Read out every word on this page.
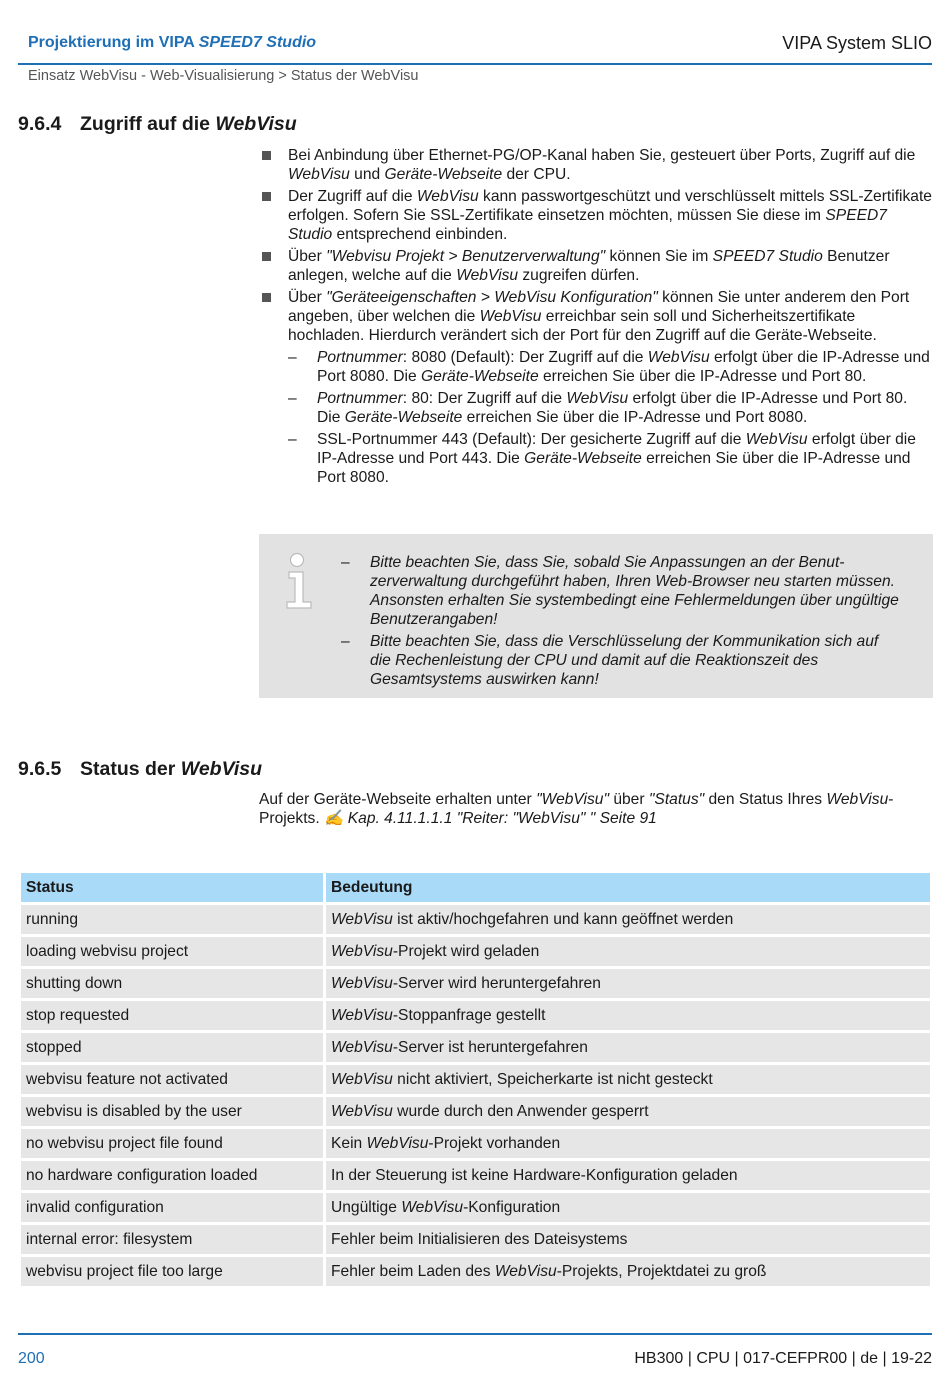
Projektierung im VIPA SPEED7 Studio	VIPA System SLIO
Einsatz WebVisu - Web-Visualisierung > Status der WebVisu
9.6.4 Zugriff auf die WebVisu
Bei Anbindung über Ethernet-PG/OP-Kanal haben Sie, gesteuert über Ports, Zugriff auf die WebVisu und Geräte-Webseite der CPU.
Der Zugriff auf die WebVisu kann passwortgeschützt und verschlüsselt mittels SSL-Zertifikate erfolgen. Sofern Sie SSL-Zertifikate einsetzen möchten, müssen Sie diese im SPEED7 Studio entsprechend einbinden.
Über "Webvisu Projekt > Benutzerverwaltung" können Sie im SPEED7 Studio Benutzer anlegen, welche auf die WebVisu zugreifen dürfen.
Über "Geräteeigenschaften > WebVisu Konfiguration" können Sie unter anderem den Port angeben, über welchen die WebVisu erreichbar sein soll und Sicherheitszertifikate hochladen. Hierdurch verändert sich der Port für den Zugriff auf die Geräte-Webseite.
– Portnummer: 8080 (Default): Der Zugriff auf die WebVisu erfolgt über die IP-Adresse und Port 8080. Die Geräte-Webseite erreichen Sie über die IP-Adresse und Port 80.
– Portnummer: 80: Der Zugriff auf die WebVisu erfolgt über die IP-Adresse und Port 80. Die Geräte-Webseite erreichen Sie über die IP-Adresse und Port 8080.
– SSL-Portnummer 443 (Default): Der gesicherte Zugriff auf die WebVisu erfolgt über die IP-Adresse und Port 443. Die Geräte-Webseite erreichen Sie über die IP-Adresse und Port 8080.
– Bitte beachten Sie, dass Sie, sobald Sie Anpassungen an der Benutzerverwaltung durchgeführt haben, Ihren Web-Browser neu starten müssen. Ansonsten erhalten Sie systembedingt eine Fehlermeldungen über ungültige Benutzerangaben!
– Bitte beachten Sie, dass die Verschlüsselung der Kommunikation sich auf die Rechenleistung der CPU und damit auf die Reaktionszeit des Gesamtsystems auswirken kann!
9.6.5 Status der WebVisu
Auf der Geräte-Webseite erhalten unter "WebVisu" über "Status" den Status Ihres WebVisu-Projekts. ✍ Kap. 4.11.1.1.1 "Reiter: "WebVisu" " Seite 91
Status	Bedeutung
running	WebVisu ist aktiv/hochgefahren und kann geöffnet werden
loading webvisu project	WebVisu-Projekt wird geladen
shutting down	WebVisu-Server wird heruntergefahren
stop requested	WebVisu-Stoppanfrage gestellt
stopped	WebVisu-Server ist heruntergefahren
webvisu feature not activated	WebVisu nicht aktiviert, Speicherkarte ist nicht gesteckt
webvisu is disabled by the user	WebVisu wurde durch den Anwender gesperrt
no webvisu project file found	Kein WebVisu-Projekt vorhanden
no hardware configuration loaded	In der Steuerung ist keine Hardware-Konfiguration geladen
invalid configuration	Ungültige WebVisu-Konfiguration
internal error: filesystem	Fehler beim Initialisieren des Dateisystems
webvisu project file too large	Fehler beim Laden des WebVisu-Projekts, Projektdatei zu groß
200	HB300 | CPU | 017-CEFPR00 | de | 19-22
